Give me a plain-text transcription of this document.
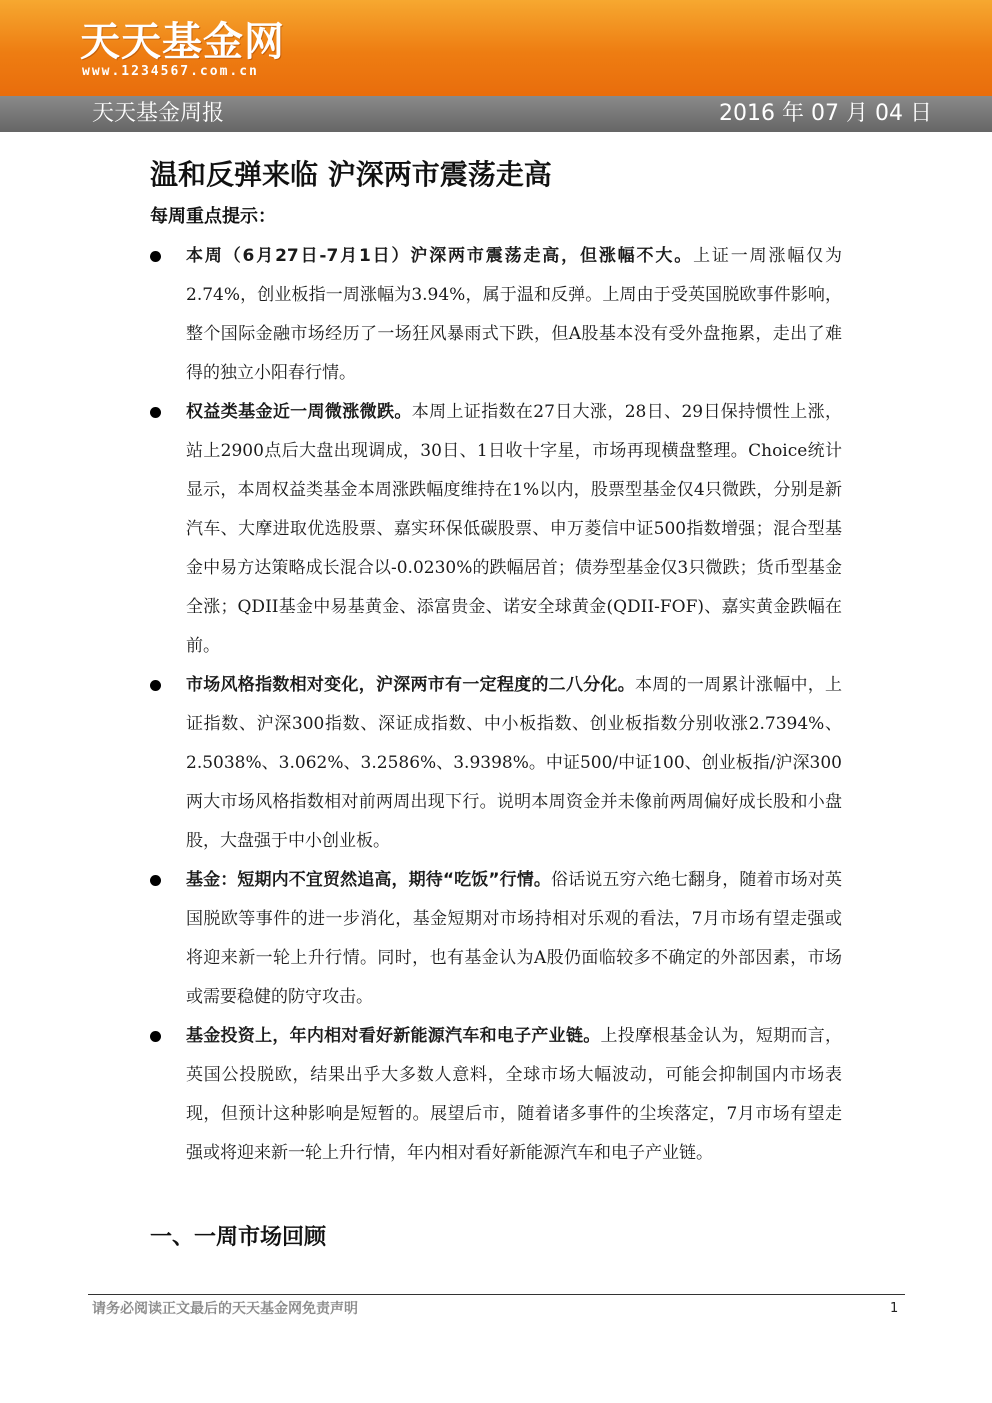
天天基金网
www.1234567.com.cn
天天基金周报	2016 年 07 月 04 日
温和反弹来临 沪深两市震荡走高
每周重点提示：
本周（6月27日-7月1日）沪深两市震荡走高，但涨幅不大。上证一周涨幅仅为2.74%，创业板指一周涨幅为3.94%，属于温和反弹。上周由于受英国脱欧事件影响，整个国际金融市场经历了一场狂风暴雨式下跌，但A股基本没有受外盘拖累，走出了难得的独立小阳春行情。
权益类基金近一周微涨微跌。本周上证指数在27日大涨，28日、29日保持惯性上涨，站上2900点后大盘出现调成，30日、1日收十字星，市场再现横盘整理。Choice统计显示，本周权益类基金本周涨跌幅度维持在1%以内，股票型基金仅4只微跌，分别是新汽车、大摩进取优选股票、嘉实环保低碳股票、申万菱信中证500指数增强；混合型基金中易方达策略成长混合以-0.0230%的跌幅居首；债券型基金仅3只微跌；货币型基金全涨；QDII基金中易基黄金、添富贵金、诺安全球黄金(QDII-FOF)、嘉实黄金跌幅在前。
市场风格指数相对变化，沪深两市有一定程度的二八分化。本周的一周累计涨幅中，上证指数、沪深300指数、深证成指数、中小板指数、创业板指数分别收涨2.7394%、2.5038%、3.062%、3.2586%、3.9398%。中证500/中证100、创业板指/沪深300两大市场风格指数相对前两周出现下行。说明本周资金并未像前两周偏好成长股和小盘股，大盘强于中小创业板。
基金：短期内不宜贸然追高，期待“吃饭”行情。俗话说五穷六绝七翻身，随着市场对英国脱欧等事件的进一步消化，基金短期对市场持相对乐观的看法，7月市场有望走强或将迎来新一轮上升行情。同时，也有基金认为A股仍面临较多不确定的外部因素，市场或需要稳健的防守攻击。
基金投资上，年内相对看好新能源汽车和电子产业链。上投摩根基金认为，短期而言，英国公投脱欧，结果出乎大多数人意料，全球市场大幅波动，可能会抑制国内市场表现，但预计这种影响是短暂的。展望后市，随着诸多事件的尘埃落定，7月市场有望走强或将迎来新一轮上升行情，年内相对看好新能源汽车和电子产业链。
一、一周市场回顾
请务必阅读正文最后的天天基金网免责声明	1
